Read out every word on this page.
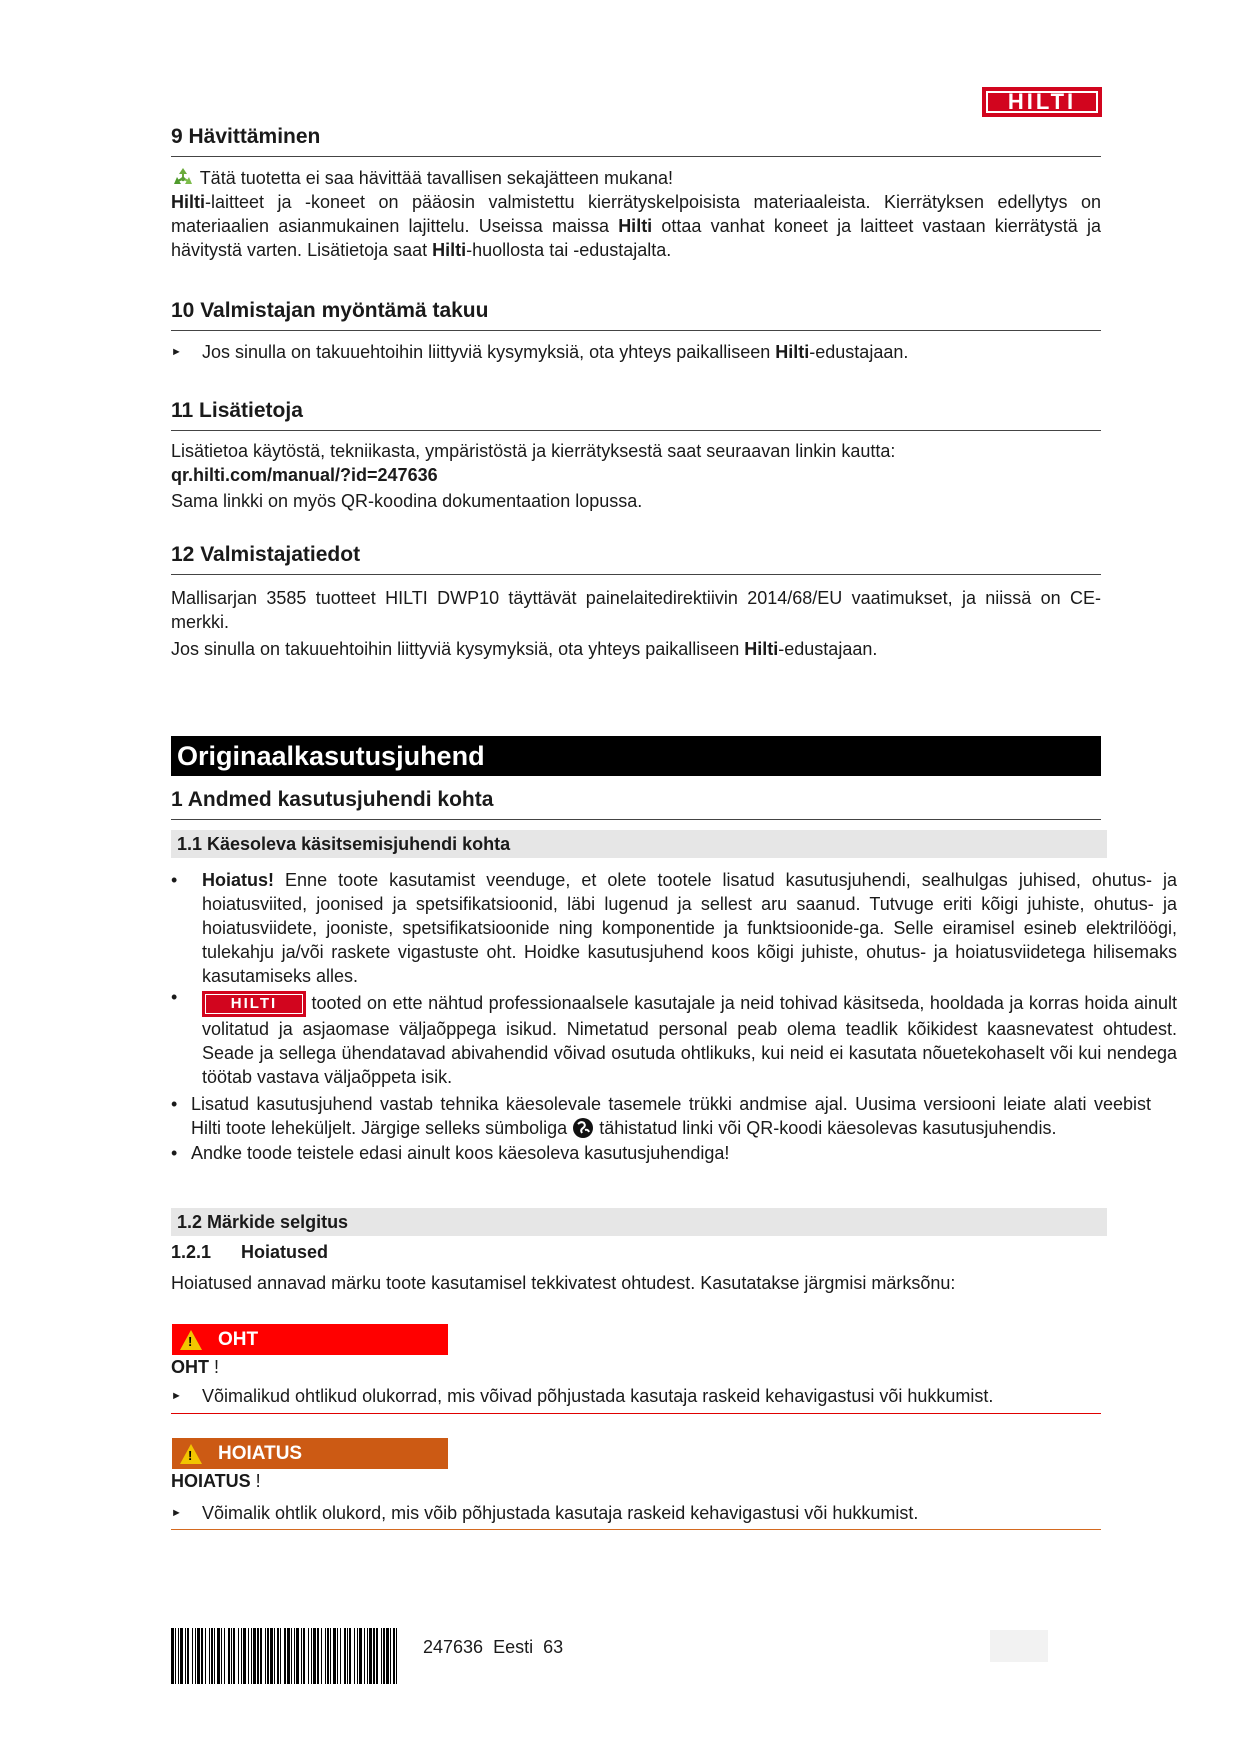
HILTI
9 Hävittäminen
Tätä tuotetta ei saa hävittää tavallisen sekajätteen mukana!
Hilti-laitteet ja -koneet on pääosin valmistettu kierrätyskelpoisista materiaaleista. Kierrätyksen edellytys on materiaalien asianmukainen lajittelu. Useissa maissa Hilti ottaa vanhat koneet ja laitteet vastaan kierrätystä ja hävitystä varten. Lisätietoja saat Hilti-huollosta tai -edustajalta.
10 Valmistajan myöntämä takuu
►	Jos sinulla on takuuehtoihin liittyviä kysymyksiä, ota yhteys paikalliseen Hilti-edustajaan.
11 Lisätietoja
Lisätietoa käytöstä, tekniikasta, ympäristöstä ja kierrätyksestä saat seuraavan linkin kautta:
qr.hilti.com/manual/?id=247636
Sama linkki on myös QR-koodina dokumentaation lopussa.
12 Valmistajatiedot
Mallisarjan 3585 tuotteet HILTI DWP10 täyttävät painelaitedirektiivin 2014/68/EU vaatimukset, ja niissä on CE-merkki.
Jos sinulla on takuuehtoihin liittyviä kysymyksiä, ota yhteys paikalliseen Hilti-edustajaan.
Originaalkasutusjuhend
1 Andmed kasutusjuhendi kohta
1.1 Käesoleva käsitsemisjuhendi kohta
•	Hoiatus! Enne toote kasutamist veenduge, et olete tootele lisatud kasutusjuhendi, sealhulgas juhised, ohutus- ja hoiatusviited, joonised ja spetsifikatsioonid, läbi lugenud ja sellest aru saanud. Tutvuge eriti kõigi juhiste, ohutus- ja hoiatusviidete, jooniste, spetsifikatsioonide ning komponentide ja funktsioonide-ga. Selle eiramisel esineb elektrilöögi, tulekahju ja/või raskete vigastuste oht. Hoidke kasutusjuhend koos kõigi juhiste, ohutus- ja hoiatusviidetega hilisemaks kasutamiseks alles.
•	HILTI tooted on ette nähtud professionaalsele kasutajale ja neid tohivad käsitseda, hooldada ja korras hoida ainult volitatud ja asjaomase väljaõppega isikud. Nimetatud personal peab olema teadlik kõikidest kaasnevatest ohtudest. Seade ja sellega ühendatavad abivahendid võivad osutuda ohtlikuks, kui neid ei kasutata nõuetekohaselt või kui nendega töötab vastava väljaõppeta isik.
• Lisatud kasutusjuhend vastab tehnika käesolevale tasemele trükki andmise ajal. Uusima versiooni leiate alati veebist Hilti toote leheküljelt. Järgige selleks sümboliga  tähistatud linki või QR-koodi käesolevas kasutusjuhendis.
• Andke toode teistele edasi ainult koos käesoleva kasutusjuhendiga!
1.2 Märkide selgitus
1.2.1 Hoiatused
Hoiatused annavad märku toote kasutamisel tekkivatest ohtudest. Kasutatakse järgmisi märksõnu:
! OHT
OHT !
►	Võimalikud ohtlikud olukorrad, mis võivad põhjustada kasutaja raskeid kehavigastusi või hukkumist.
! HOIATUS
HOIATUS !
►	Võimalik ohtlik olukord, mis võib põhjustada kasutaja raskeid kehavigastusi või hukkumist.
247636 Eesti 63
